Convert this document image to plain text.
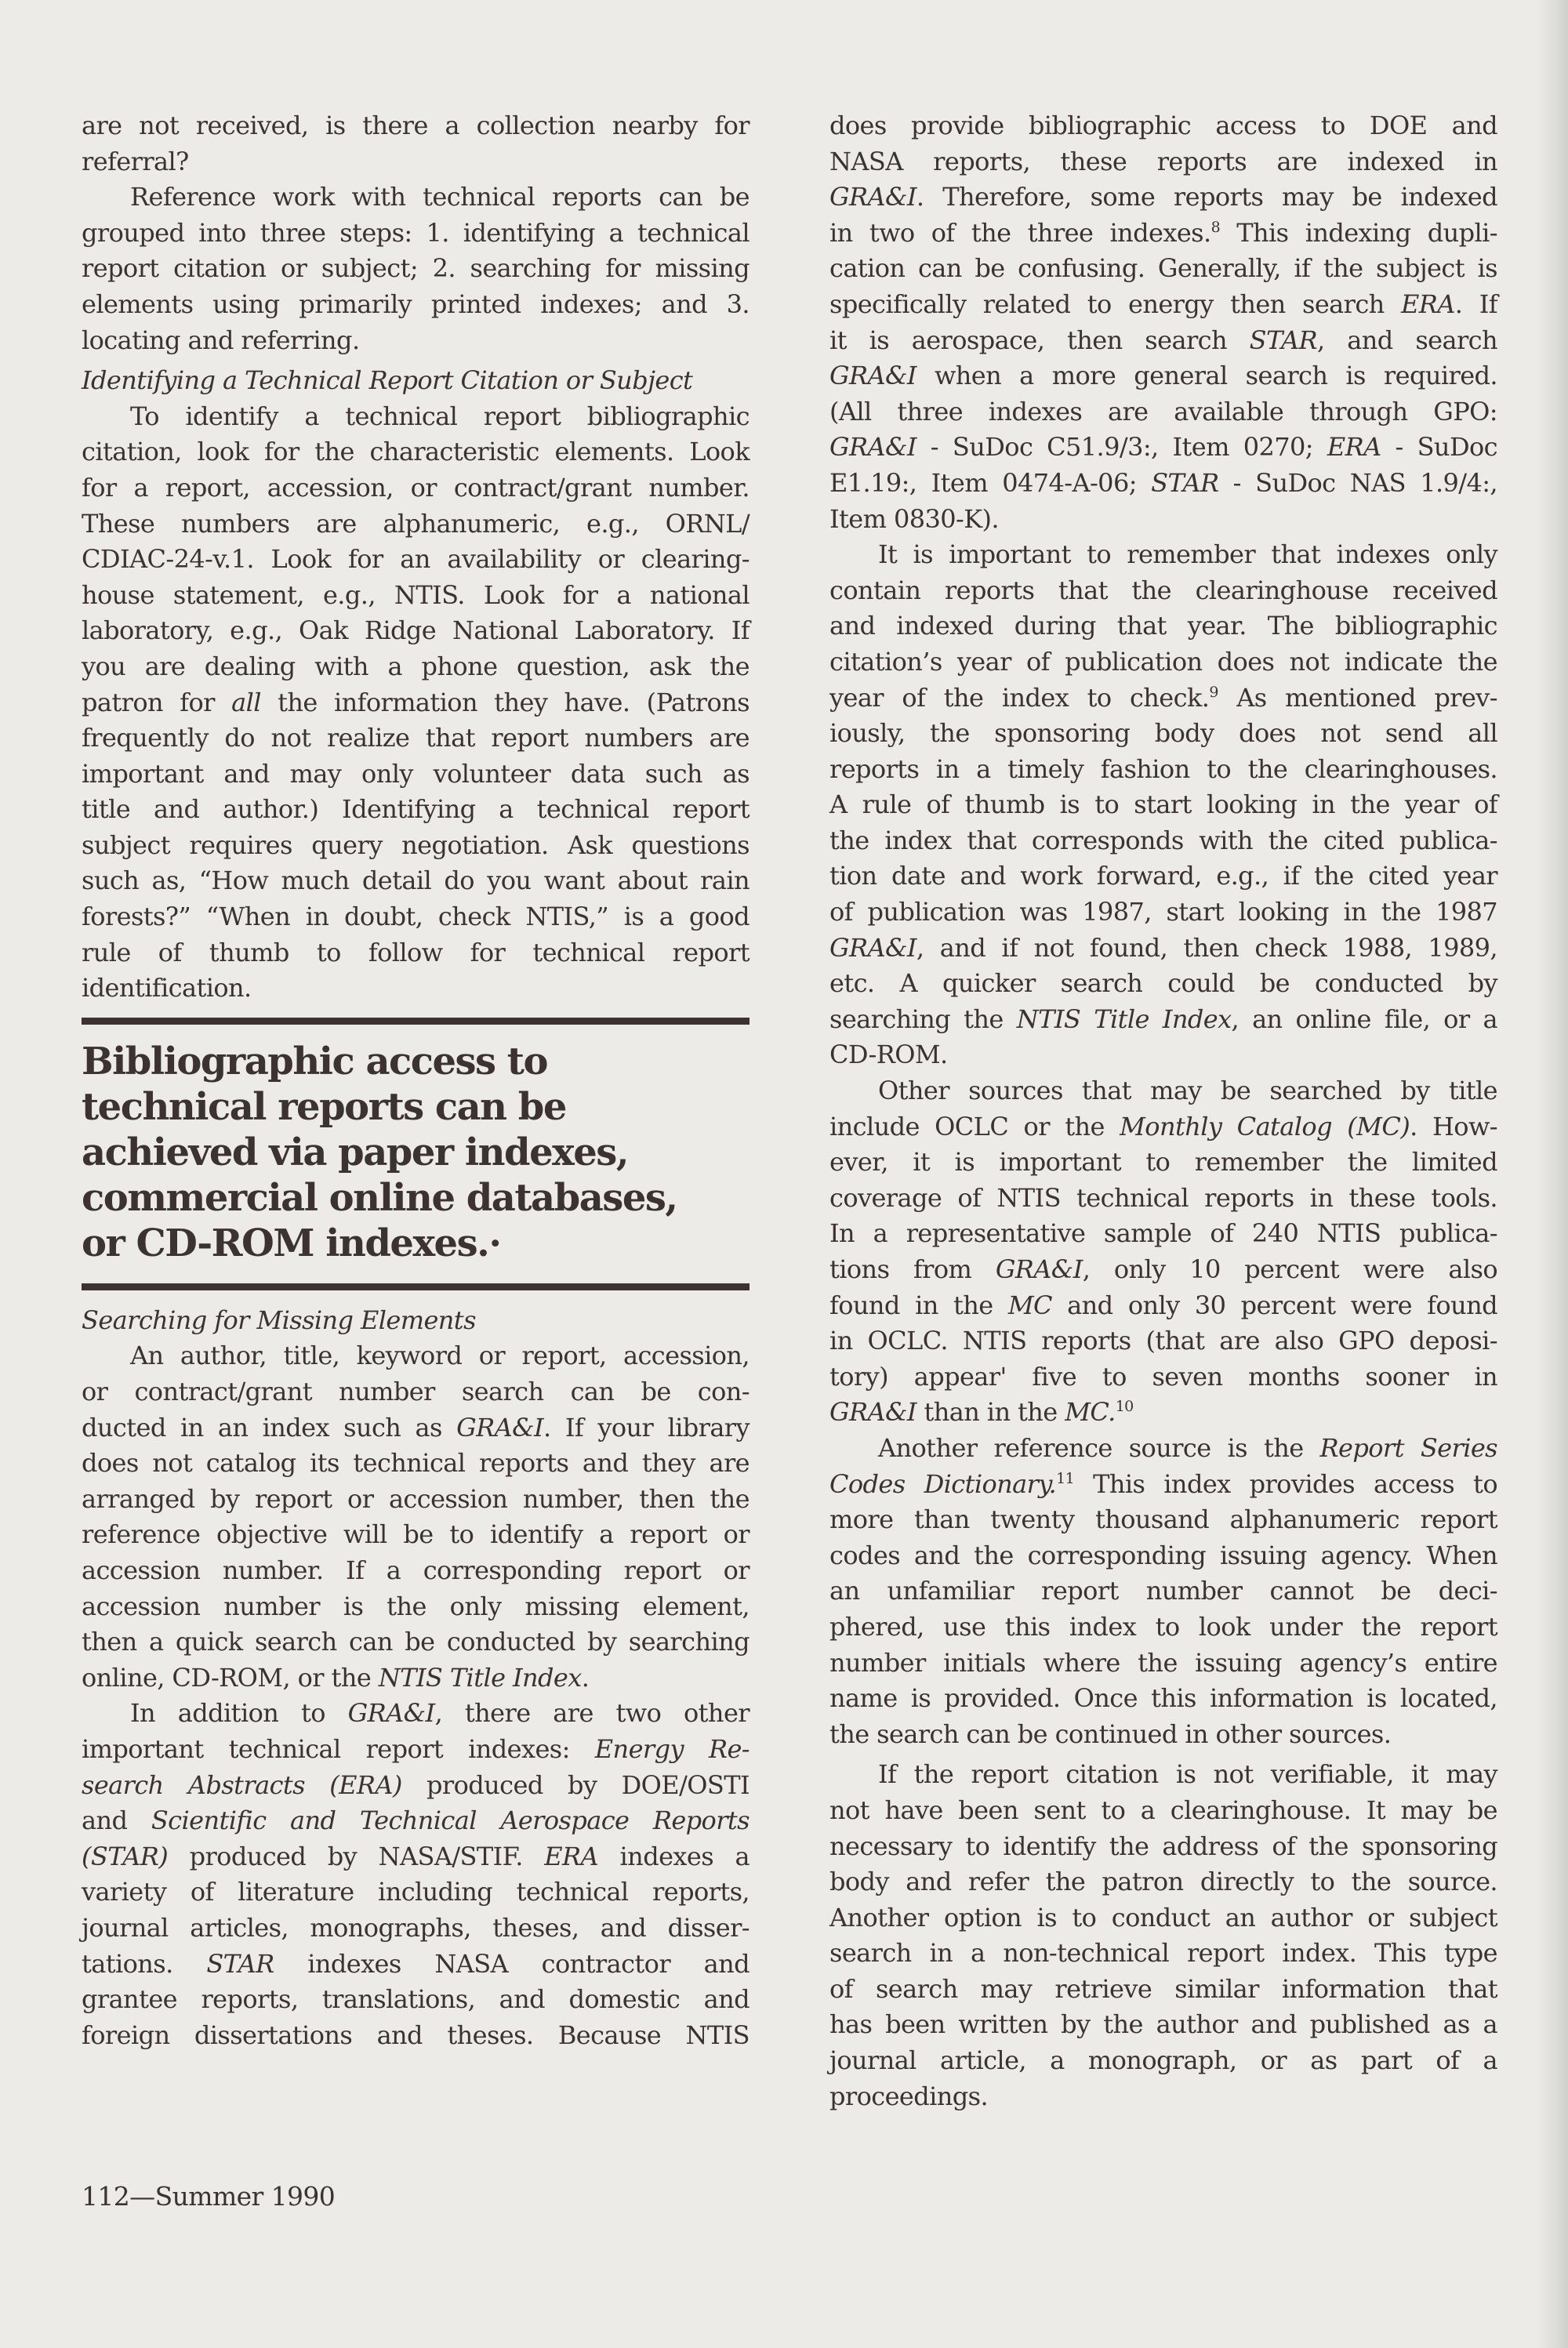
are not received, is there a collection nearby for
referral?
Reference work with technical reports can be
grouped into three steps: 1. identifying a technical
report citation or subject; 2. searching for missing
elements using primarily printed indexes; and 3.
locating and referring.
Identifying a Technical Report Citation or Subject
To identify a technical report bibliographic
citation, look for the characteristic elements. Look
for a report, accession, or contract/grant number.
These numbers are alphanumeric, e.g., ORNL/
CDIAC-24-v.1. Look for an availability or clearing-
house statement, e.g., NTIS. Look for a national
laboratory, e.g., Oak Ridge National Laboratory. If
you are dealing with a phone question, ask the
patron for all the information they have. (Patrons
frequently do not realize that report numbers are
important and may only volunteer data such as
title and author.) Identifying a technical report
subject requires query negotiation. Ask questions
such as, “How much detail do you want about rain
forests?” “When in doubt, check NTIS,” is a good
rule of thumb to follow for technical report
identification.
Bibliographic access to
technical reports can be
achieved via paper indexes,
commercial online databases,
or CD-ROM indexes.·
Searching for Missing Elements
An author, title, keyword or report, accession,
or contract/grant number search can be con-
ducted in an index such as GRA&I. If your library
does not catalog its technical reports and they are
arranged by report or accession number, then the
reference objective will be to identify a report or
accession number. If a corresponding report or
accession number is the only missing element,
then a quick search can be conducted by searching
online, CD-ROM, or the NTIS Title Index.
In addition to GRA&I, there are two other
important technical report indexes: Energy Re-
search Abstracts (ERA) produced by DOE/OSTI
and Scientific and Technical Aerospace Reports
(STAR) produced by NASA/STIF. ERA indexes a
variety of literature including technical reports,
journal articles, monographs, theses, and disser-
tations. STAR indexes NASA contractor and
grantee reports, translations, and domestic and
foreign dissertations and theses. Because NTIS
does provide bibliographic access to DOE and
NASA reports, these reports are indexed in
GRA&I. Therefore, some reports may be indexed
in two of the three indexes.$^8$ This indexing dupli-
cation can be confusing. Generally, if the subject is
specifically related to energy then search ERA. If
it is aerospace, then search STAR, and search
GRA&I when a more general search is required.
(All three indexes are available through GPO:
GRA&I - SuDoc C51.9/3:, Item 0270; ERA - SuDoc
E1.19:, Item 0474-A-06; STAR - SuDoc NAS 1.9/4:,
Item 0830-K).
It is important to remember that indexes only
contain reports that the clearinghouse received
and indexed during that year. The bibliographic
citation’s year of publication does not indicate the
year of the index to check.$^9$ As mentioned prev-
iously, the sponsoring body does not send all
reports in a timely fashion to the clearinghouses.
A rule of thumb is to start looking in the year of
the index that corresponds with the cited publica-
tion date and work forward, e.g., if the cited year
of publication was 1987, start looking in the 1987
GRA&I, and if not found, then check 1988, 1989,
etc. A quicker search could be conducted by
searching the NTIS Title Index, an online file, or a
CD-ROM.
Other sources that may be searched by title
include OCLC or the Monthly Catalog (MC). How-
ever, it is important to remember the limited
coverage of NTIS technical reports in these tools.
In a representative sample of 240 NTIS publica-
tions from GRA&I, only 10 percent were also
found in the MC and only 30 percent were found
in OCLC. NTIS reports (that are also GPO deposi-
tory) appear' five to seven months sooner in
GRA&I than in the MC.$^{10}$
Another reference source is the Report Series
Codes Dictionary.$^{11}$ This index provides access to
more than twenty thousand alphanumeric report
codes and the corresponding issuing agency. When
an unfamiliar report number cannot be deci-
phered, use this index to look under the report
number initials where the issuing agency’s entire
name is provided. Once this information is located,
the search can be continued in other sources.
If the report citation is not verifiable, it may
not have been sent to a clearinghouse. It may be
necessary to identify the address of the sponsoring
body and refer the patron directly to the source.
Another option is to conduct an author or subject
search in a non-technical report index. This type
of search may retrieve similar information that
has been written by the author and published as a
journal article, a monograph, or as part of a
proceedings.
112—Summer 1990
